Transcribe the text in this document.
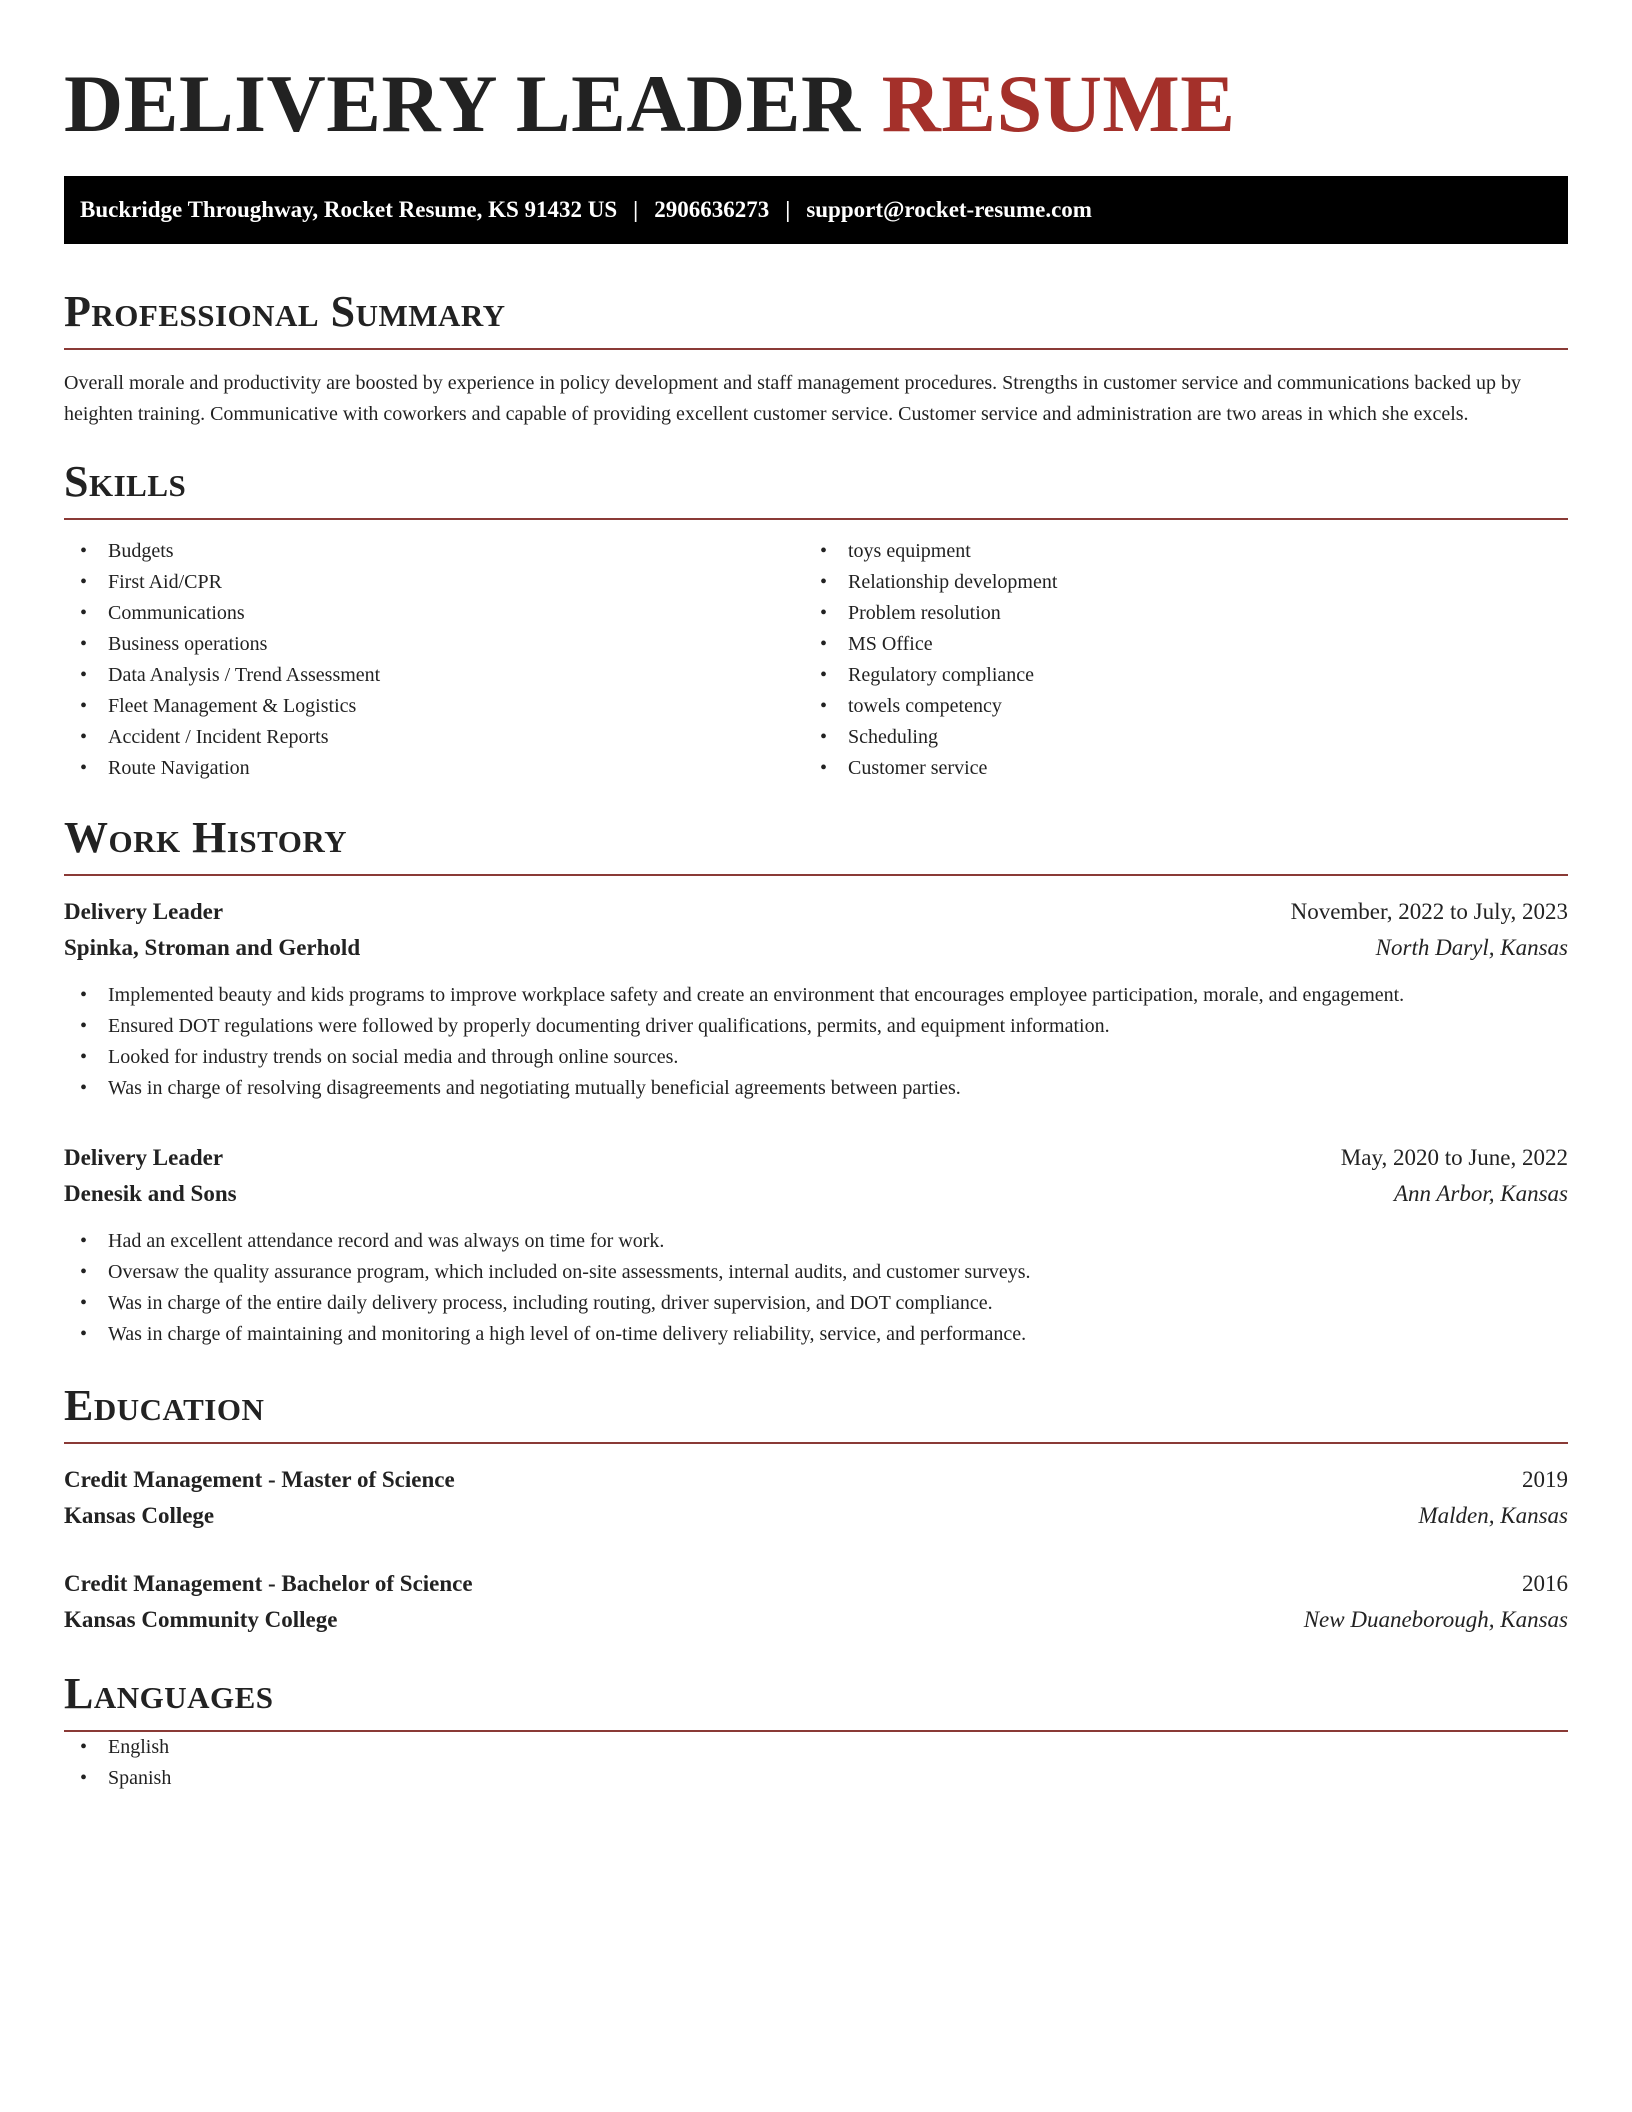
DELIVERY LEADER RESUME
Buckridge Throughway, Rocket Resume, KS 91432 US | 2906636273 | support@rocket-resume.com
Professional Summary

Overall morale and productivity are boosted by experience in policy development and staff management procedures. Strengths in customer service and communications backed up by heighten training. Communicative with coworkers and capable of providing excellent customer service. Customer service and administration are two areas in which she excels.

Skills
• Budgets
• First Aid/CPR
• Communications
• Business operations
• Data Analysis / Trend Assessment
• Fleet Management & Logistics
• Accident / Incident Reports
• Route Navigation
• toys equipment
• Relationship development
• Problem resolution
• MS Office
• Regulatory compliance
• towels competency
• Scheduling
• Customer service
Work History
Delivery Leader	November, 2022 to July, 2023
Spinka, Stroman and Gerhold	North Daryl, Kansas
• Implemented beauty and kids programs to improve workplace safety and create an environment that encourages employee participation, morale, and engagement.
• Ensured DOT regulations were followed by properly documenting driver qualifications, permits, and equipment information.
• Looked for industry trends on social media and through online sources.
• Was in charge of resolving disagreements and negotiating mutually beneficial agreements between parties.
Delivery Leader	May, 2020 to June, 2022
Denesik and Sons	Ann Arbor, Kansas
• Had an excellent attendance record and was always on time for work.
• Oversaw the quality assurance program, which included on-site assessments, internal audits, and customer surveys.
• Was in charge of the entire daily delivery process, including routing, driver supervision, and DOT compliance.
• Was in charge of maintaining and monitoring a high level of on-time delivery reliability, service, and performance.
Education
Credit Management - Master of Science	2019
Kansas College	Malden, Kansas
Credit Management - Bachelor of Science	2016
Kansas Community College	New Duaneborough, Kansas
Languages
• English
• Spanish
